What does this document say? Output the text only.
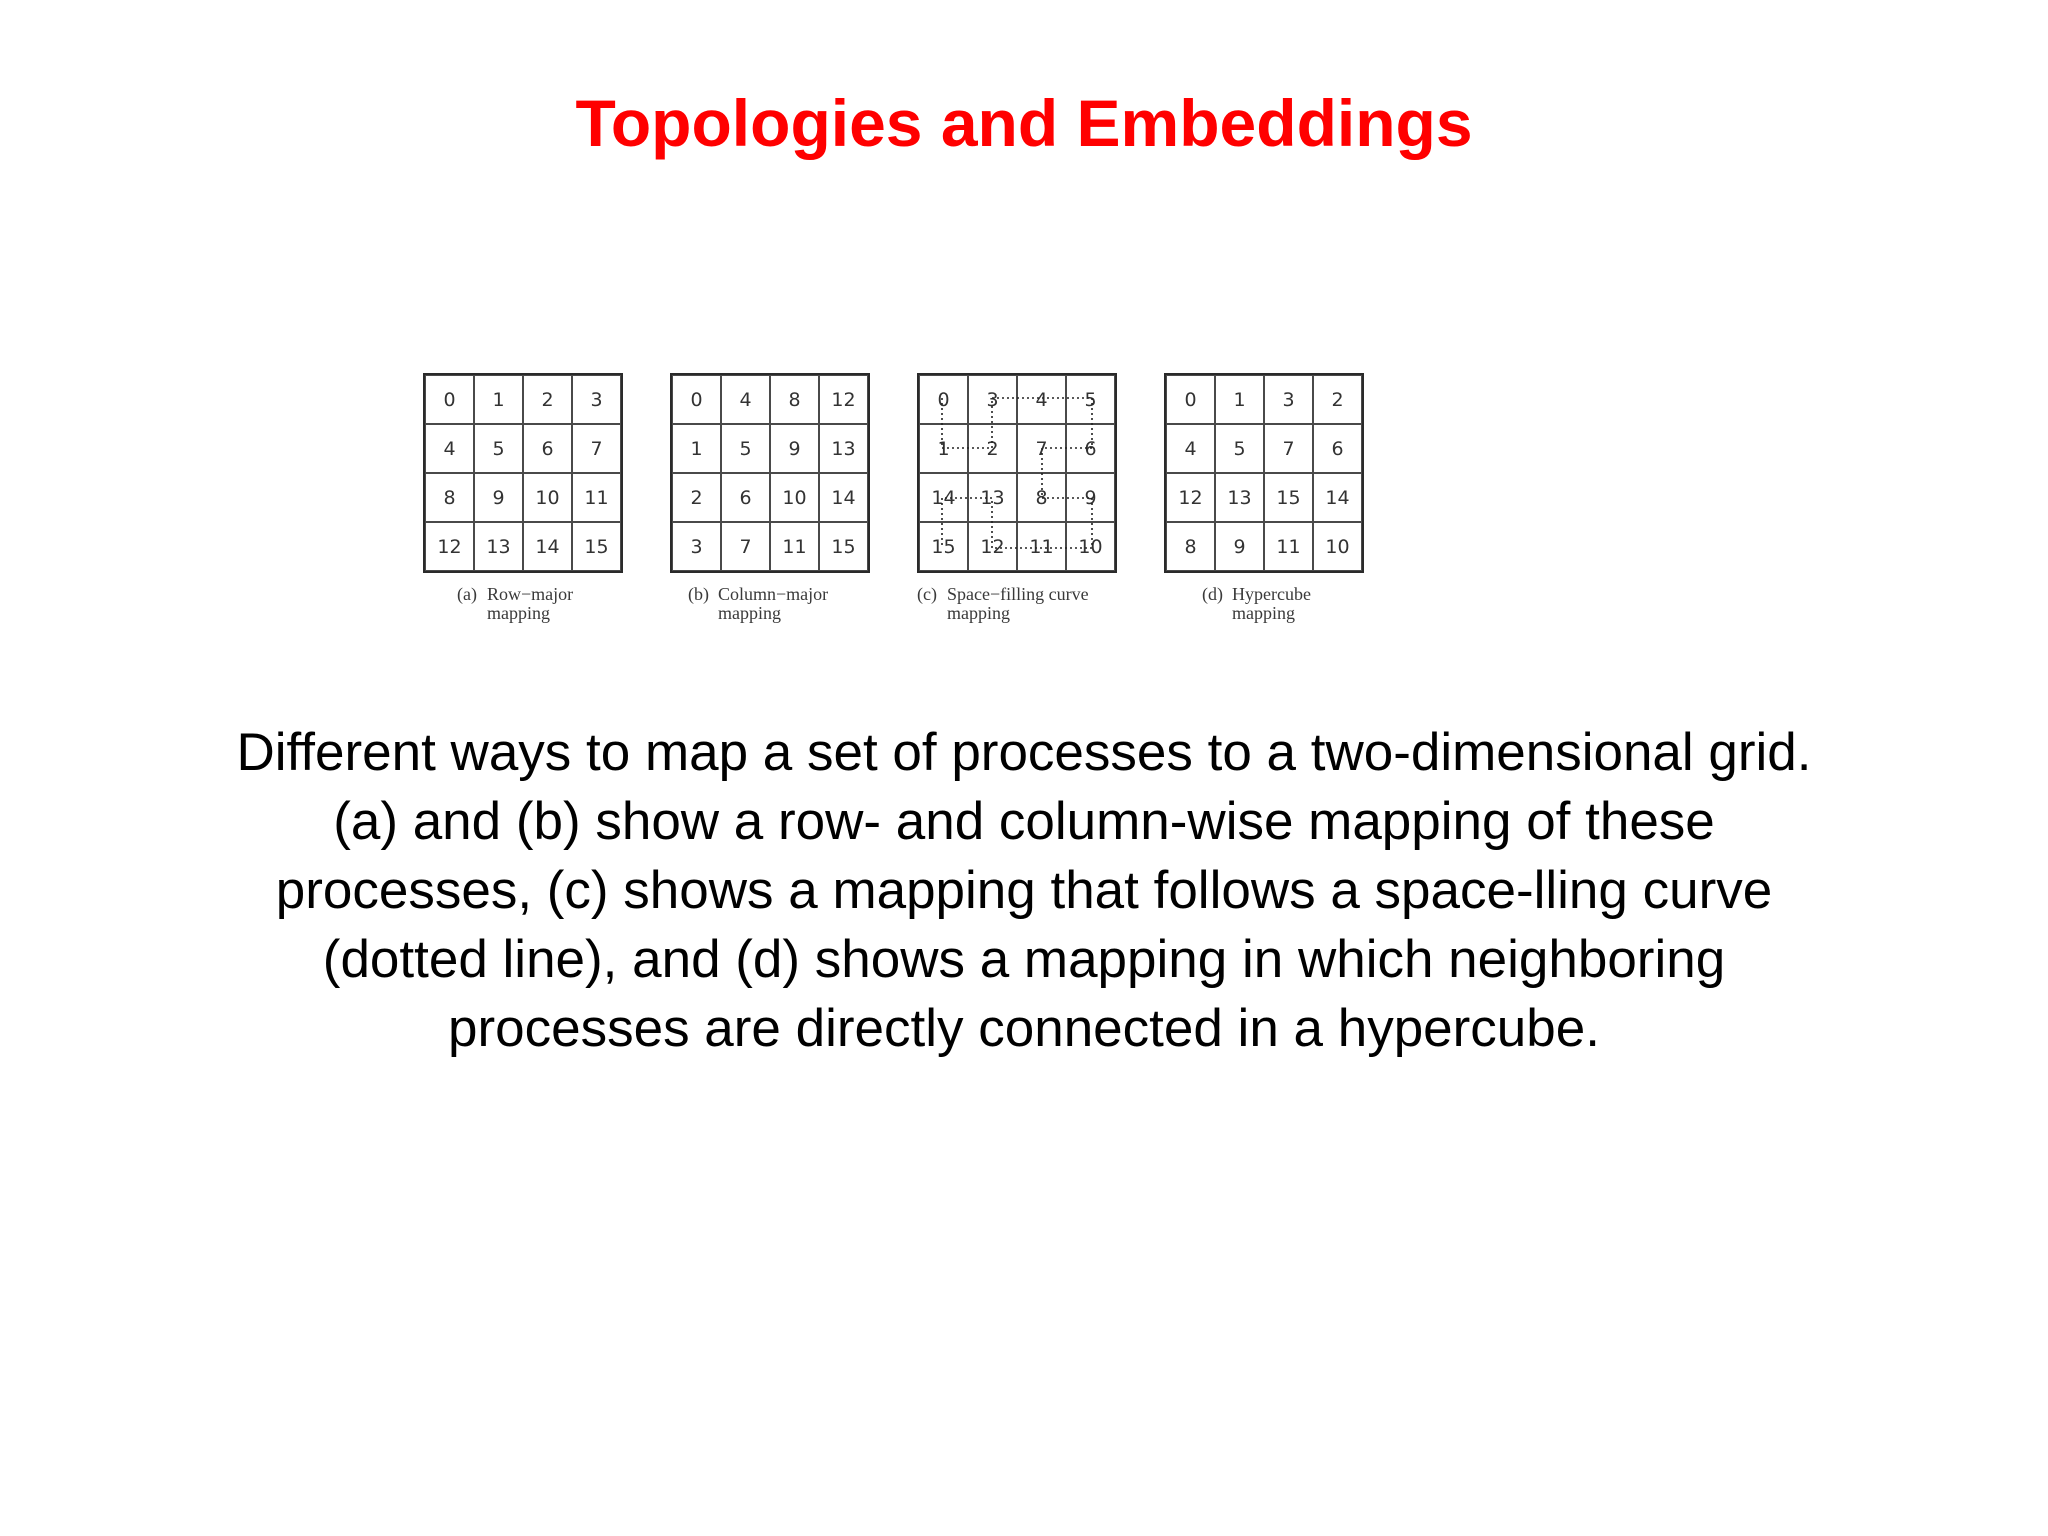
Topologies and Embeddings
0	1	2	3
4	5	6	7
8	9	10	11
12	13	14	15
(a) Row−major
mapping
0	4	8	12
1	5	9	13
2	6	10	14
3	7	11	15
(b) Column−major
mapping
0	3	4	5
1	2	7	6
14	13	8	9
15	12	11	10
(c) Space−filling curve
mapping
0	1	3	2
4	5	7	6
12	13	15	14
8	9	11	10
(d) Hypercube
mapping
Different ways to map a set of processes to a two-dimensional grid. (a) and (b) show a row- and column-wise mapping of these processes, (c) shows a mapping that follows a space-lling curve (dotted line), and (d) shows a mapping in which neighboring processes are directly connected in a hypercube.
